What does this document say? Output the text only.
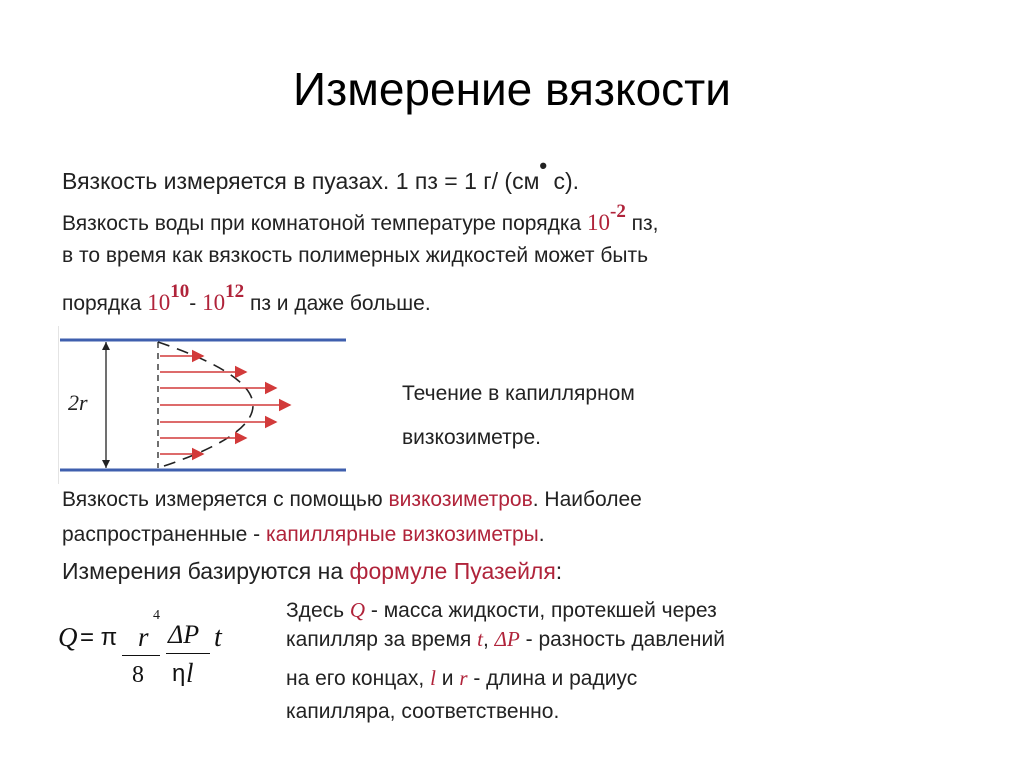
Измерение вязкости
Вязкость измеряется в пуазах. 1 пз = 1 г/ (см• с).
Вязкость воды при комнатоной температуре порядка 10-2 пз,
в то время как вязкость полимерных жидкостей может быть
порядка 1010- 1012 пз и даже больше.
2r	Течение в капиллярном
визкозиметре.
Вязкость измеряется с помощью визкозиметров. Наиболее
распространенные - капиллярные визкозиметры.
Измерения базируются на формуле Пуазейля:
Q = π r
4
ΔP t
8 η l
Здесь Q - масса жидкости, протекшей через
капилляр за время t, ΔP - разность давлений
на его концах, l и r - длина и радиус
капилляра, соответственно.
